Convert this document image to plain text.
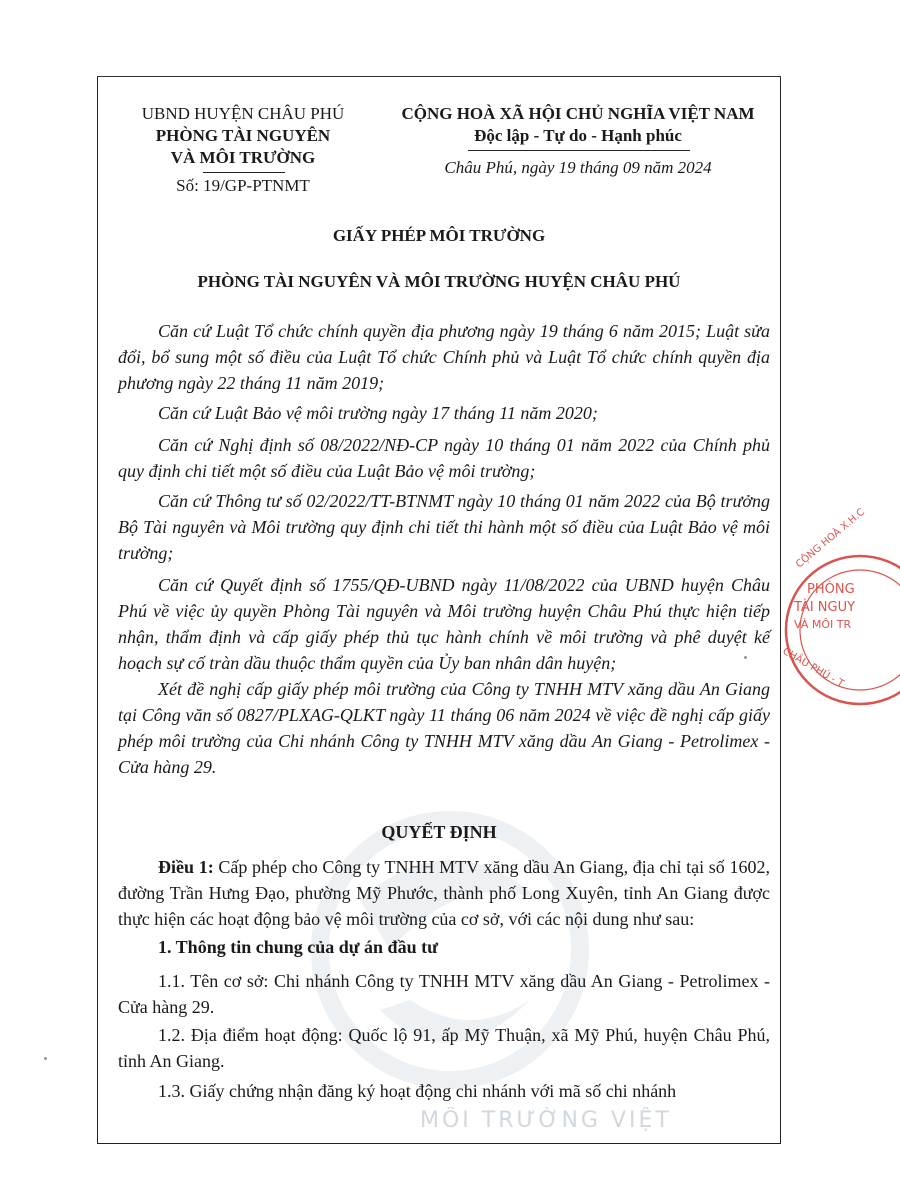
UBND HUYỆN CHÂU PHÚ
PHÒNG TÀI NGUYÊN
VÀ MÔI TRƯỜNG
Số: 19/GP-PTNMT
CỘNG HOÀ XÃ HỘI CHỦ NGHĨA VIỆT NAM
Độc lập - Tự do - Hạnh phúc
Châu Phú, ngày 19 tháng 09 năm 2024
GIẤY PHÉP MÔI TRƯỜNG
PHÒNG TÀI NGUYÊN VÀ MÔI TRƯỜNG HUYỆN CHÂU PHÚ
Căn cứ Luật Tổ chức chính quyền địa phương ngày 19 tháng 6 năm 2015; Luật sửa đổi, bổ sung một số điều của Luật Tổ chức Chính phủ và Luật Tổ chức chính quyền địa phương ngày 22 tháng 11 năm 2019;
Căn cứ Luật Bảo vệ môi trường ngày 17 tháng 11 năm 2020;
Căn cứ Nghị định số 08/2022/NĐ-CP ngày 10 tháng 01 năm 2022 của Chính phủ quy định chi tiết một số điều của Luật Bảo vệ môi trường;
Căn cứ Thông tư số 02/2022/TT-BTNMT ngày 10 tháng 01 năm 2022 của Bộ trưởng Bộ Tài nguyên và Môi trường quy định chi tiết thi hành một số điều của Luật Bảo vệ môi trường;
Căn cứ Quyết định số 1755/QĐ-UBND ngày 11/08/2022 của UBND huyện Châu Phú về việc ủy quyền Phòng Tài nguyên và Môi trường huyện Châu Phú thực hiện tiếp nhận, thẩm định và cấp giấy phép thủ tục hành chính về môi trường và phê duyệt kế hoạch sự cố tràn dầu thuộc thẩm quyền của Ủy ban nhân dân huyện;
Xét đề nghị cấp giấy phép môi trường của Công ty TNHH MTV xăng dầu An Giang tại Công văn số 0827/PLXAG-QLKT ngày 11 tháng 06 năm 2024 về việc đề nghị cấp giấy phép môi trường của Chi nhánh Công ty TNHH MTV xăng dầu An Giang - Petrolimex - Cửa hàng 29.
MÔI TRƯỜNG VIỆT
QUYẾT ĐỊNH
Điều 1: Cấp phép cho Công ty TNHH MTV xăng dầu An Giang, địa chỉ tại số 1602, đường Trần Hưng Đạo, phường Mỹ Phước, thành phố Long Xuyên, tỉnh An Giang được thực hiện các hoạt động bảo vệ môi trường của cơ sở, với các nội dung như sau:
1. Thông tin chung của dự án đầu tư
1.1. Tên cơ sở: Chi nhánh Công ty TNHH MTV xăng dầu An Giang - Petrolimex - Cửa hàng 29.
1.2. Địa điểm hoạt động: Quốc lộ 91, ấp Mỹ Thuận, xã Mỹ Phú, huyện Châu Phú, tỉnh An Giang.
1.3. Giấy chứng nhận đăng ký hoạt động chi nhánh với mã số chi nhánh
CỘNG HOÀ X.H.C
PHÒNG
TÀI NGUY
VÀ MÔI TR
CHÂU PHÚ - T
